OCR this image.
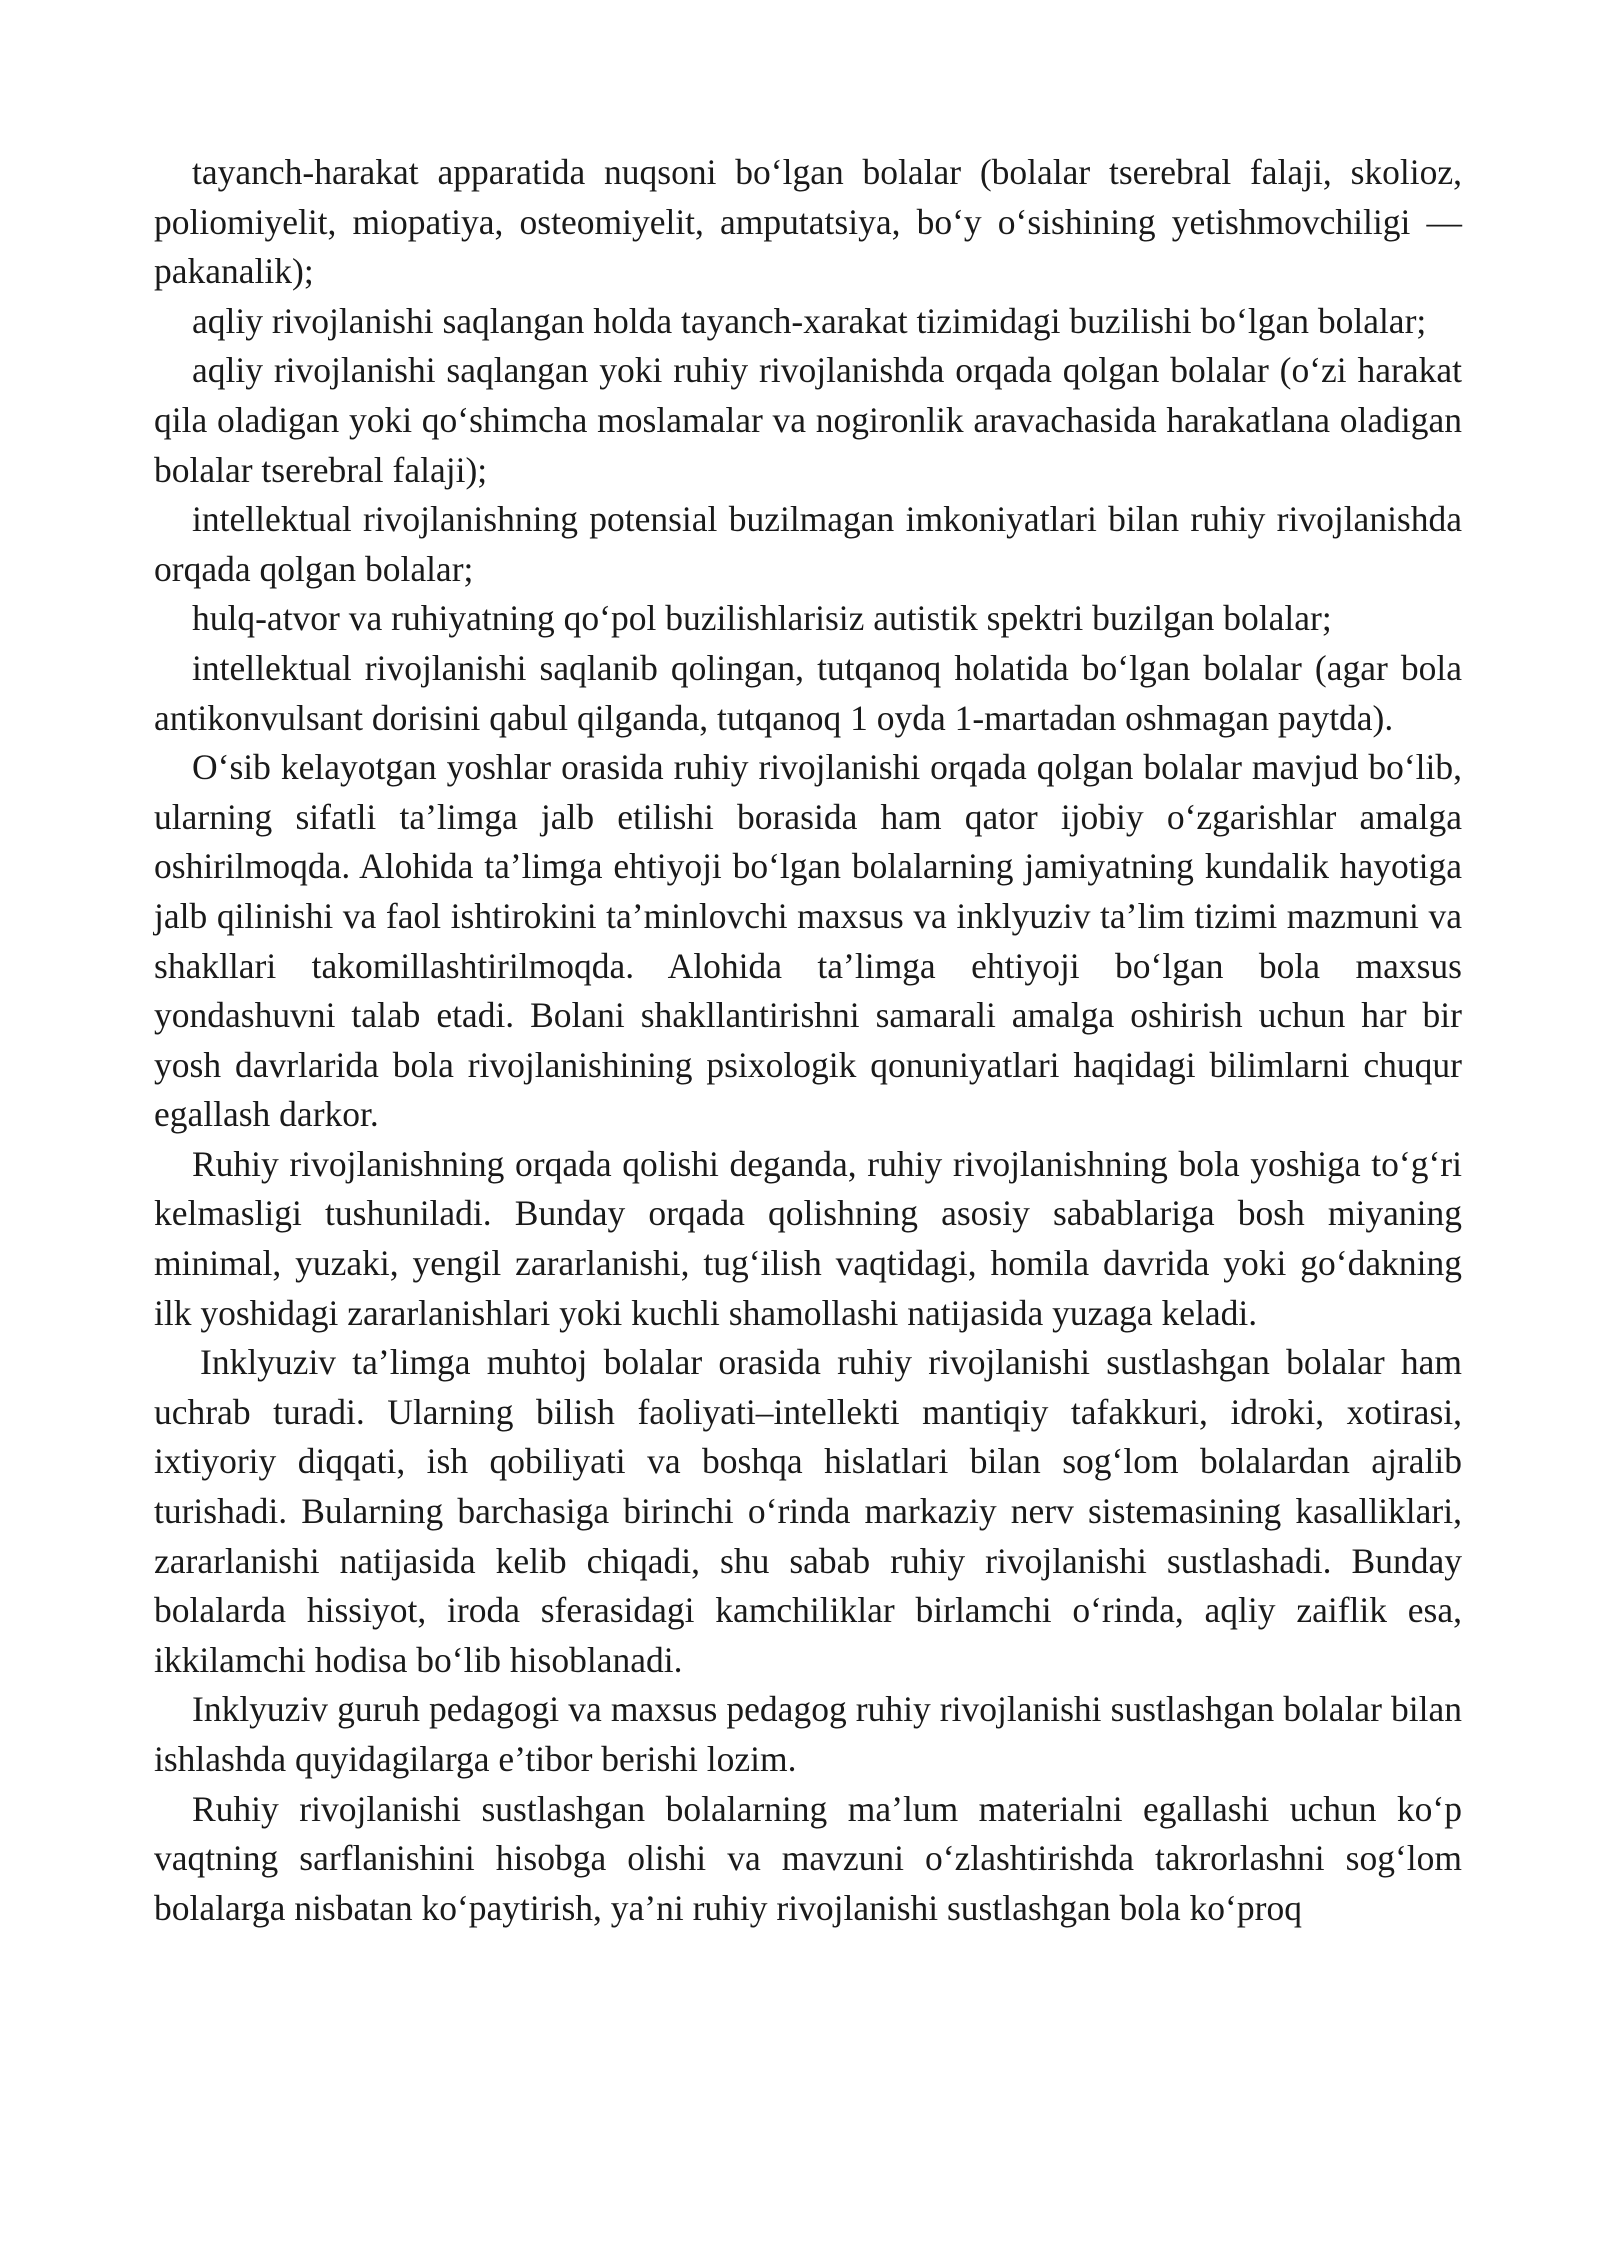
tayanch-harakat apparatida nuqsoni bo‘lgan bolalar (bolalar tserebral falaji, skolioz, poliomiyelit, miopatiya, osteomiyelit, amputatsiya, bo‘y o‘sishining yetishmovchiligi — pakanalik);

aqliy rivojlanishi saqlangan holda tayanch-xarakat tizimidagi buzilishi bo‘lgan bolalar;

aqliy rivojlanishi saqlangan yoki ruhiy rivojlanishda orqada qolgan bolalar (o‘zi harakat qila oladigan yoki qo‘shimcha moslamalar va nogironlik aravachasida harakatlana oladigan bolalar tserebral falaji);

intellektual rivojlanishning potensial buzilmagan imkoniyatlari bilan ruhiy rivojlanishda orqada qolgan bolalar;

hulq-atvor va ruhiyatning qo‘pol buzilishlarisiz autistik spektri buzilgan bolalar;

intellektual rivojlanishi saqlanib qolingan, tutqanoq holatida bo‘lgan bolalar (agar bola antikonvulsant dorisini qabul qilganda, tutqanoq 1 oyda 1-martadan oshmagan paytda).

O‘sib kelayotgan yoshlar orasida ruhiy rivojlanishi orqada qolgan bolalar mavjud bo‘lib, ularning sifatli ta’limga jalb etilishi borasida ham qator ijobiy o‘zgarishlar amalga oshirilmoqda. Alohida ta’limga ehtiyoji bo‘lgan bolalarning jamiyatning kundalik hayotiga jalb qilinishi va faol ishtirokini ta’minlovchi maxsus va inklyuziv ta’lim tizimi mazmuni va shakllari takomillashtirilmoqda. Alohida ta’limga ehtiyoji bo‘lgan bola maxsus yondashuvni talab etadi. Bolani shakllantirishni samarali amalga oshirish uchun har bir yosh davrlarida bola rivojlanishining psixologik qonuniyatlari haqidagi bilimlarni chuqur egallash darkor.

Ruhiy rivojlanishning orqada qolishi deganda, ruhiy rivojlanishning bola yoshiga to‘g‘ri kelmasligi tushuniladi. Bunday orqada qolishning asosiy sabablariga bosh miyaning minimal, yuzaki, yengil zararlanishi, tug‘ilish vaqtidagi, homila davrida yoki go‘dakning ilk yoshidagi zararlanishlari yoki kuchli shamollashi natijasida yuzaga keladi.

Inklyuziv ta’limga muhtoj bolalar orasida ruhiy rivojlanishi sustlashgan bolalar ham uchrab turadi. Ularning bilish faoliyati–intellekti mantiqiy tafakkuri, idroki, xotirasi, ixtiyoriy diqqati, ish qobiliyati va boshqa hislatlari bilan sog‘lom bolalardan ajralib turishadi. Bularning barchasiga birinchi o‘rinda markaziy nerv sistemasining kasalliklari, zararlanishi natijasida kelib chiqadi, shu sabab ruhiy rivojlanishi sustlashadi. Bunday bolalarda hissiyot, iroda sferasidagi kamchiliklar birlamchi o‘rinda, aqliy zaiflik esa, ikkilamchi hodisa bo‘lib hisoblanadi.

Inklyuziv guruh pedagogi va maxsus pedagog ruhiy rivojlanishi sustlashgan bolalar bilan ishlashda quyidagilarga e’tibor berishi lozim.

Ruhiy rivojlanishi sustlashgan bolalarning ma’lum materialni egallashi uchun ko‘p vaqtning sarflanishini hisobga olishi va mavzuni o‘zlashtirishda takrorlashni sog‘lom bolalarga nisbatan ko‘paytirish, ya’ni ruhiy rivojlanishi sustlashgan bola ko‘proq
